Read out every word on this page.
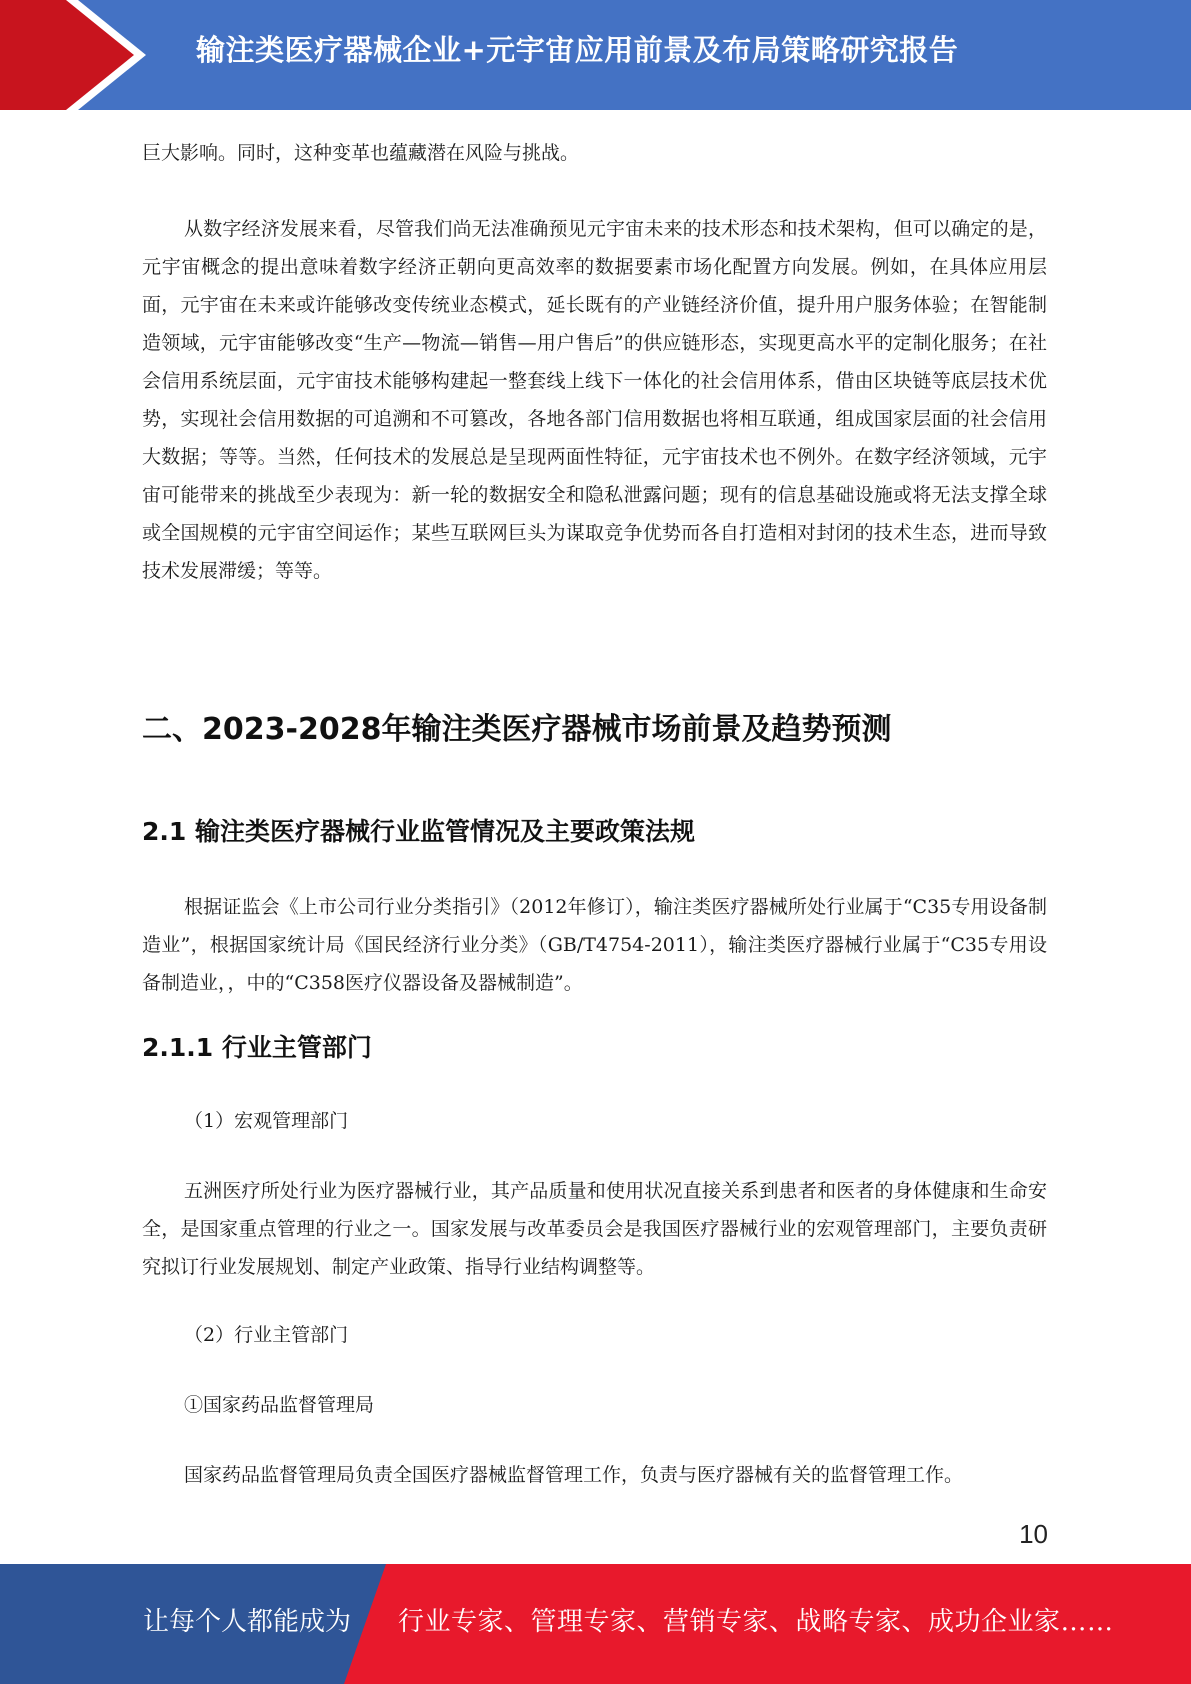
输注类医疗器械企业+元宇宙应用前景及布局策略研究报告
巨大影响。同时，这种变革也蕴藏潜在风险与挑战。
从数字经济发展来看，尽管我们尚无法准确预见元宇宙未来的技术形态和技术架构，但可以确定的是，元宇宙概念的提出意味着数字经济正朝向更高效率的数据要素市场化配置方向发展。例如，在具体应用层面，元宇宙在未来或许能够改变传统业态模式，延长既有的产业链经济价值，提升用户服务体验；在智能制造领域，元宇宙能够改变“生产—物流—销售—用户售后”的供应链形态，实现更高水平的定制化服务；在社会信用系统层面，元宇宙技术能够构建起一整套线上线下一体化的社会信用体系，借由区块链等底层技术优势，实现社会信用数据的可追溯和不可篡改，各地各部门信用数据也将相互联通，组成国家层面的社会信用大数据；等等。当然，任何技术的发展总是呈现两面性特征，元宇宙技术也不例外。在数字经济领域，元宇宙可能带来的挑战至少表现为：新一轮的数据安全和隐私泄露问题；现有的信息基础设施或将无法支撑全球或全国规模的元宇宙空间运作；某些互联网巨头为谋取竞争优势而各自打造相对封闭的技术生态，进而导致技术发展滞缓；等等。
二、2023-2028年输注类医疗器械市场前景及趋势预测
2.1 输注类医疗器械行业监管情况及主要政策法规
根据证监会《上市公司行业分类指引》（2012年修订），输注类医疗器械所处行业属于“C35专用设备制造业”，根据国家统计局《国民经济行业分类》（GB/T4754-2011），输注类医疗器械行业属于“C35专用设备制造业，，中的“C358医疗仪器设备及器械制造”。
2.1.1 行业主管部门
（1）宏观管理部门
五洲医疗所处行业为医疗器械行业，其产品质量和使用状况直接关系到患者和医者的身体健康和生命安全，是国家重点管理的行业之一。国家发展与改革委员会是我国医疗器械行业的宏观管理部门，主要负责研究拟订行业发展规划、制定产业政策、指导行业结构调整等。
（2）行业主管部门
①国家药品监督管理局
国家药品监督管理局负责全国医疗器械监督管理工作，负责与医疗器械有关的监督管理工作。
10
让每个人都能成为 行业专家、管理专家、营销专家、战略专家、成功企业家……
